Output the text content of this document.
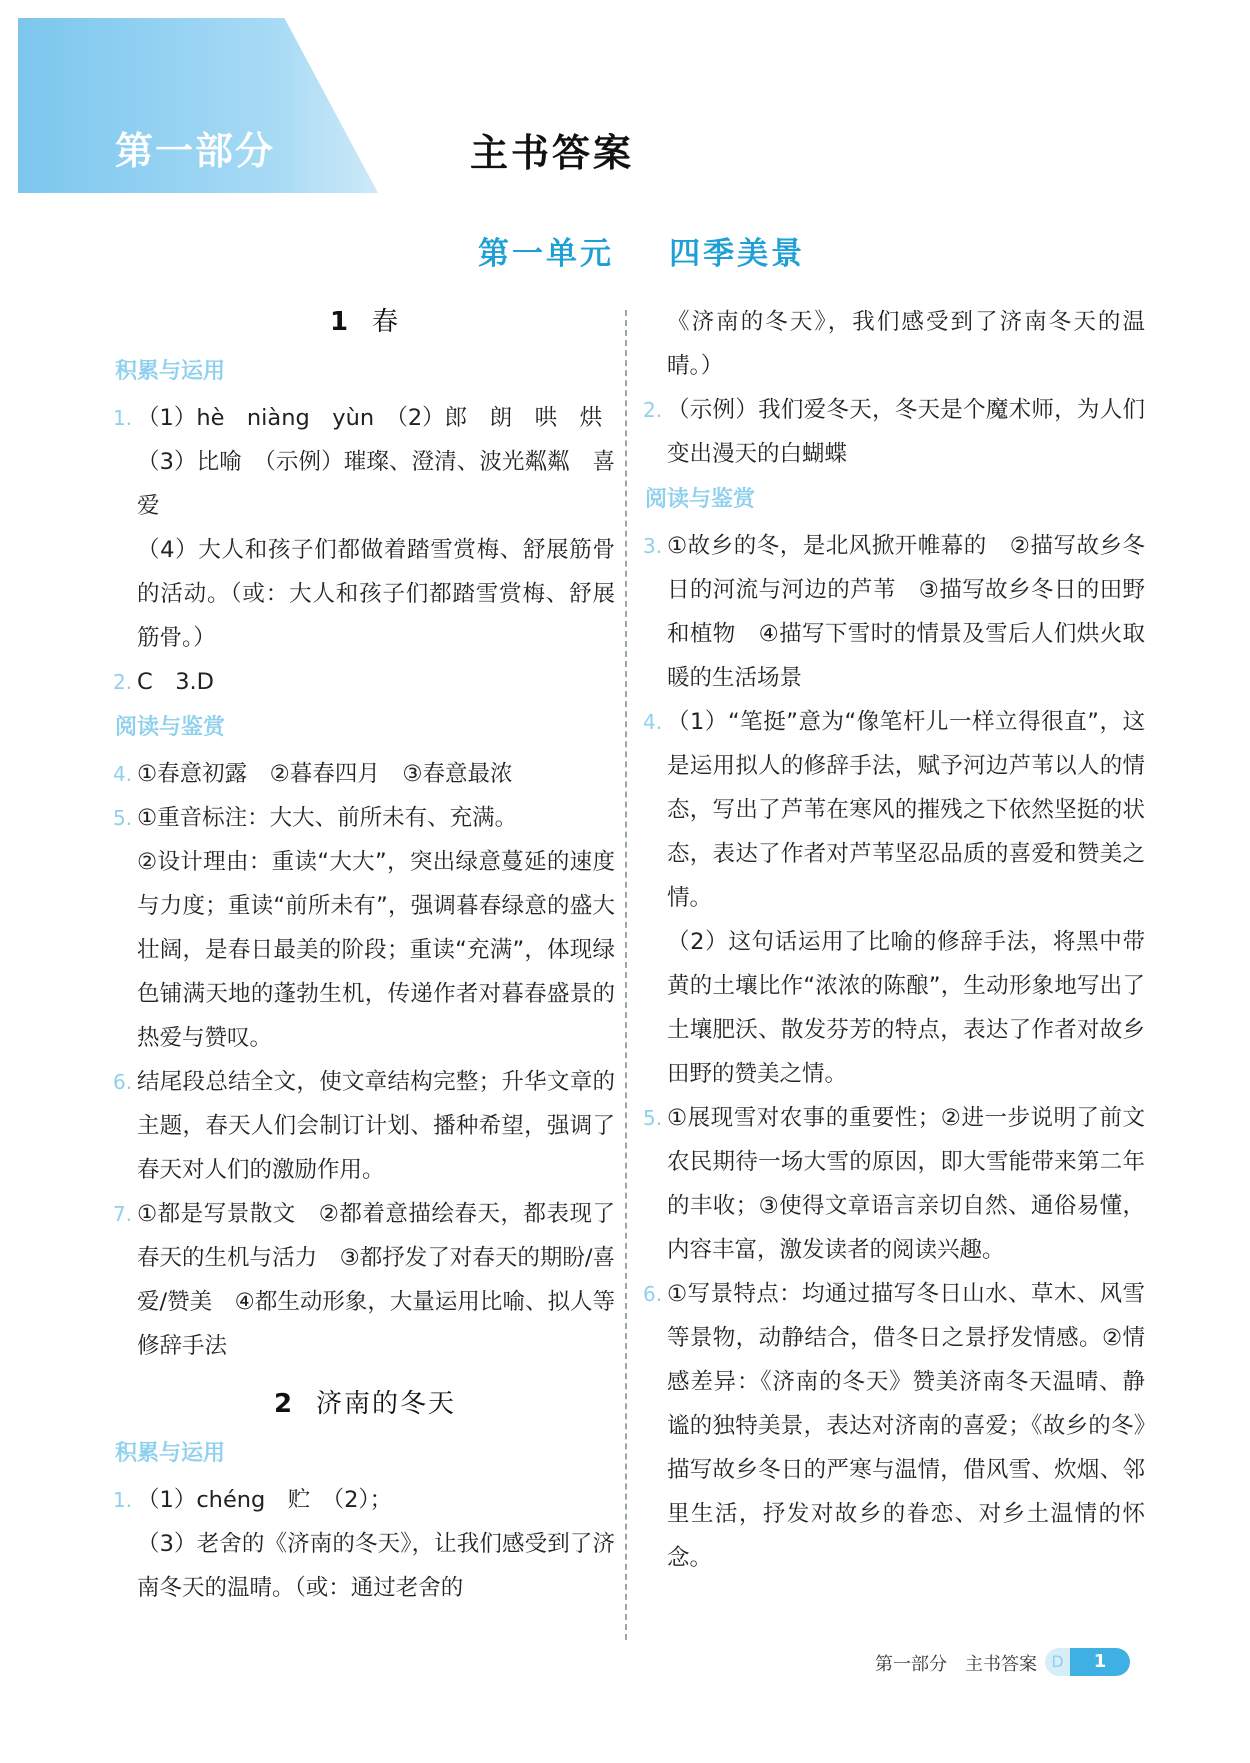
第一部分	主书答案
第一单元    四季美景
1 春
积累与运用
1. （1）hè　niàng　yùn　（2）郎　朗　哄　烘

（3）比喻　（示例）璀璨、澄清、波光粼粼　喜爱

（4）大人和孩子们都做着踏雪赏梅、舒展筋骨的活动。（或：大人和孩子们都踏雪赏梅、舒展筋骨。）

2. C　3.D

阅读与鉴赏
4. ①春意初露　②暮春四月　③春意最浓

5. ①重音标注：大大、前所未有、充满。

②设计理由：重读“大大”，突出绿意蔓延的速度与力度；重读“前所未有”，强调暮春绿意的盛大壮阔，是春日最美的阶段；重读“充满”，体现绿色铺满天地的蓬勃生机，传递作者对暮春盛景的热爱与赞叹。

6. 结尾段总结全文，使文章结构完整；升华文章的主题，春天人们会制订计划、播种希望，强调了春天对人们的激励作用。

7. ①都是写景散文　②都着意描绘春天，都表现了春天的生机与活力　③都抒发了对春天的期盼/喜爱/赞美　④都生动形象，大量运用比喻、拟人等修辞手法

2 济南的冬天
积累与运用
1. （1）chéng　贮　（2）；

（3）老舍的《济南的冬天》，让我们感受到了济南冬天的温晴。（或：通过老舍的

《济南的冬天》，我们感受到了济南冬天的温晴。）

2. （示例）我们爱冬天，冬天是个魔术师，为人们变出漫天的白蝴蝶

阅读与鉴赏
3. ①故乡的冬，是北风掀开帷幕的　②描写故乡冬日的河流与河边的芦苇　③描写故乡冬日的田野和植物　④描写下雪时的情景及雪后人们烘火取暖的生活场景

4. （1）“笔挺”意为“像笔杆儿一样立得很直”，这是运用拟人的修辞手法，赋予河边芦苇以人的情态，写出了芦苇在寒风的摧残之下依然坚挺的状态，表达了作者对芦苇坚忍品质的喜爱和赞美之情。

（2）这句话运用了比喻的修辞手法，将黑中带黄的土壤比作“浓浓的陈酿”，生动形象地写出了土壤肥沃、散发芬芳的特点，表达了作者对故乡田野的赞美之情。

5. ①展现雪对农事的重要性；②进一步说明了前文农民期待一场大雪的原因，即大雪能带来第二年的丰收；③使得文章语言亲切自然、通俗易懂，内容丰富，激发读者的阅读兴趣。

6. ①写景特点：均通过描写冬日山水、草木、风雪等景物，动静结合，借冬日之景抒发情感。②情感差异：《济南的冬天》赞美济南冬天温晴、静谧的独特美景，表达对济南的喜爱；《故乡的冬》描写故乡冬日的严寒与温情，借风雪、炊烟、邻里生活，抒发对故乡的眷恋、对乡土温情的怀念。

第一部分　主书答案 D	1
